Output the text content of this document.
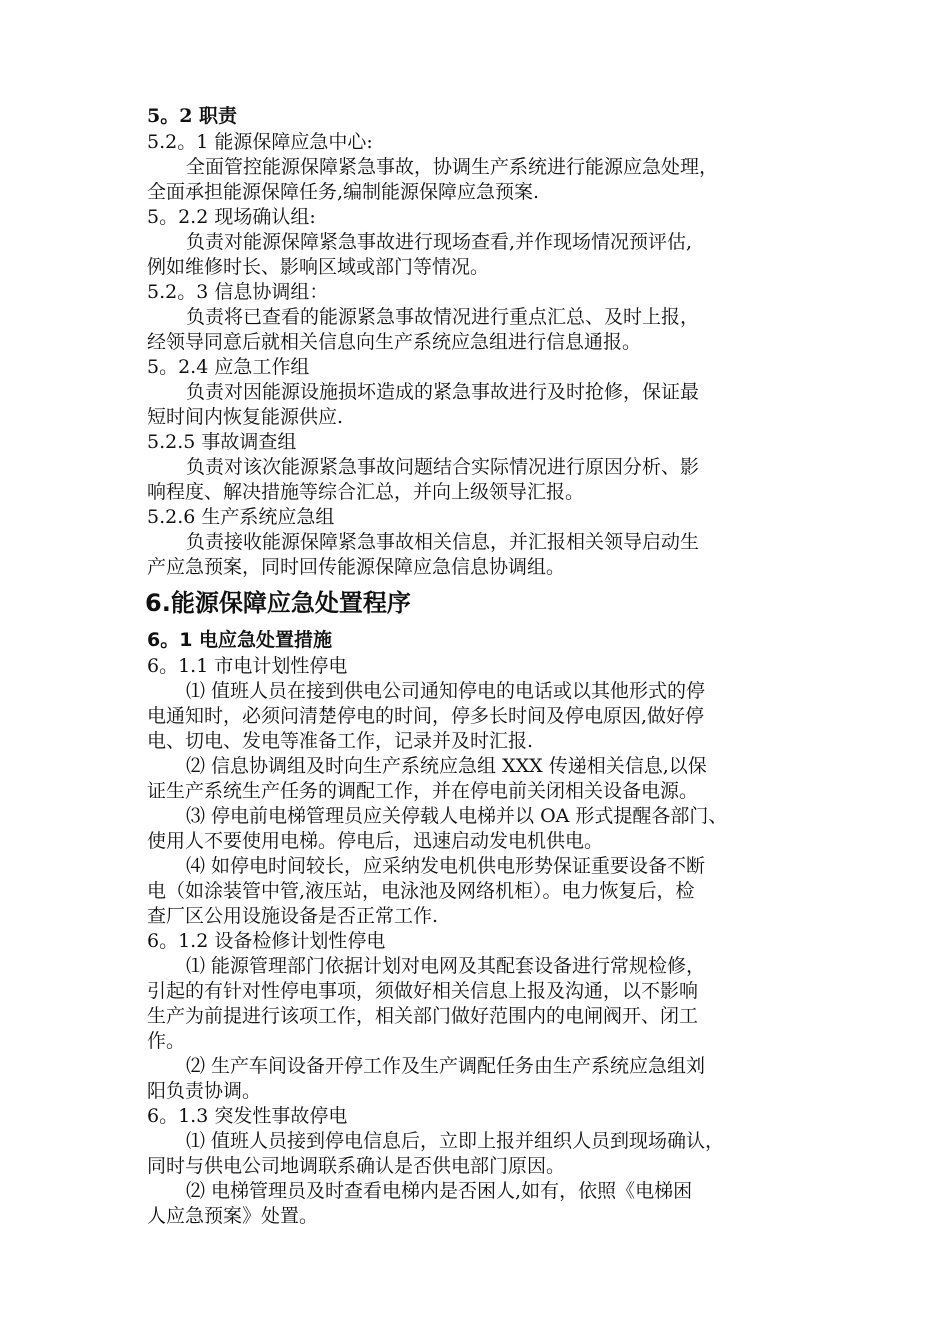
5。2 职责
5.2。1 能源保障应急中心:
全面管控能源保障紧急事故，协调生产系统进行能源应急处理，
全面承担能源保障任务,编制能源保障应急预案.
5。2.2 现场确认组:
负责对能源保障紧急事故进行现场查看,并作现场情况预评估,
例如维修时长、影响区域或部门等情况。
5.2。3 信息协调组：
负责将已查看的能源紧急事故情况进行重点汇总、及时上报，
经领导同意后就相关信息向生产系统应急组进行信息通报。
5。2.4 应急工作组
负责对因能源设施损坏造成的紧急事故进行及时抢修，保证最
短时间内恢复能源供应.
5.2.5 事故调查组
负责对该次能源紧急事故问题结合实际情况进行原因分析、影
响程度、解决措施等综合汇总，并向上级领导汇报。
5.2.6 生产系统应急组
负责接收能源保障紧急事故相关信息，并汇报相关领导启动生
产应急预案，同时回传能源保障应急信息协调组。
6.能源保障应急处置程序
6。1 电应急处置措施
6。1.1 市电计划性停电
⑴ 值班人员在接到供电公司通知停电的电话或以其他形式的停
电通知时，必须问清楚停电的时间，停多长时间及停电原因,做好停
电、切电、发电等准备工作，记录并及时汇报.
⑵ 信息协调组及时向生产系统应急组 XXX 传递相关信息,以保
证生产系统生产任务的调配工作，并在停电前关闭相关设备电源。
⑶ 停电前电梯管理员应关停载人电梯并以 OA 形式提醒各部门、
使用人不要使用电梯。停电后，迅速启动发电机供电。
⑷ 如停电时间较长，应采纳发电机供电形势保证重要设备不断
电（如涂装管中管,液压站，电泳池及网络机柜）。电力恢复后，检
查厂区公用设施设备是否正常工作.
6。1.2 设备检修计划性停电
⑴ 能源管理部门依据计划对电网及其配套设备进行常规检修，
引起的有针对性停电事项，须做好相关信息上报及沟通，以不影响
生产为前提进行该项工作，相关部门做好范围内的电闸阀开、闭工
作。
⑵ 生产车间设备开停工作及生产调配任务由生产系统应急组刘
阳负责协调。
6。1.3 突发性事故停电
⑴ 值班人员接到停电信息后，立即上报并组织人员到现场确认，
同时与供电公司地调联系确认是否供电部门原因。
⑵ 电梯管理员及时查看电梯内是否困人,如有，依照《电梯困
人应急预案》处置。
